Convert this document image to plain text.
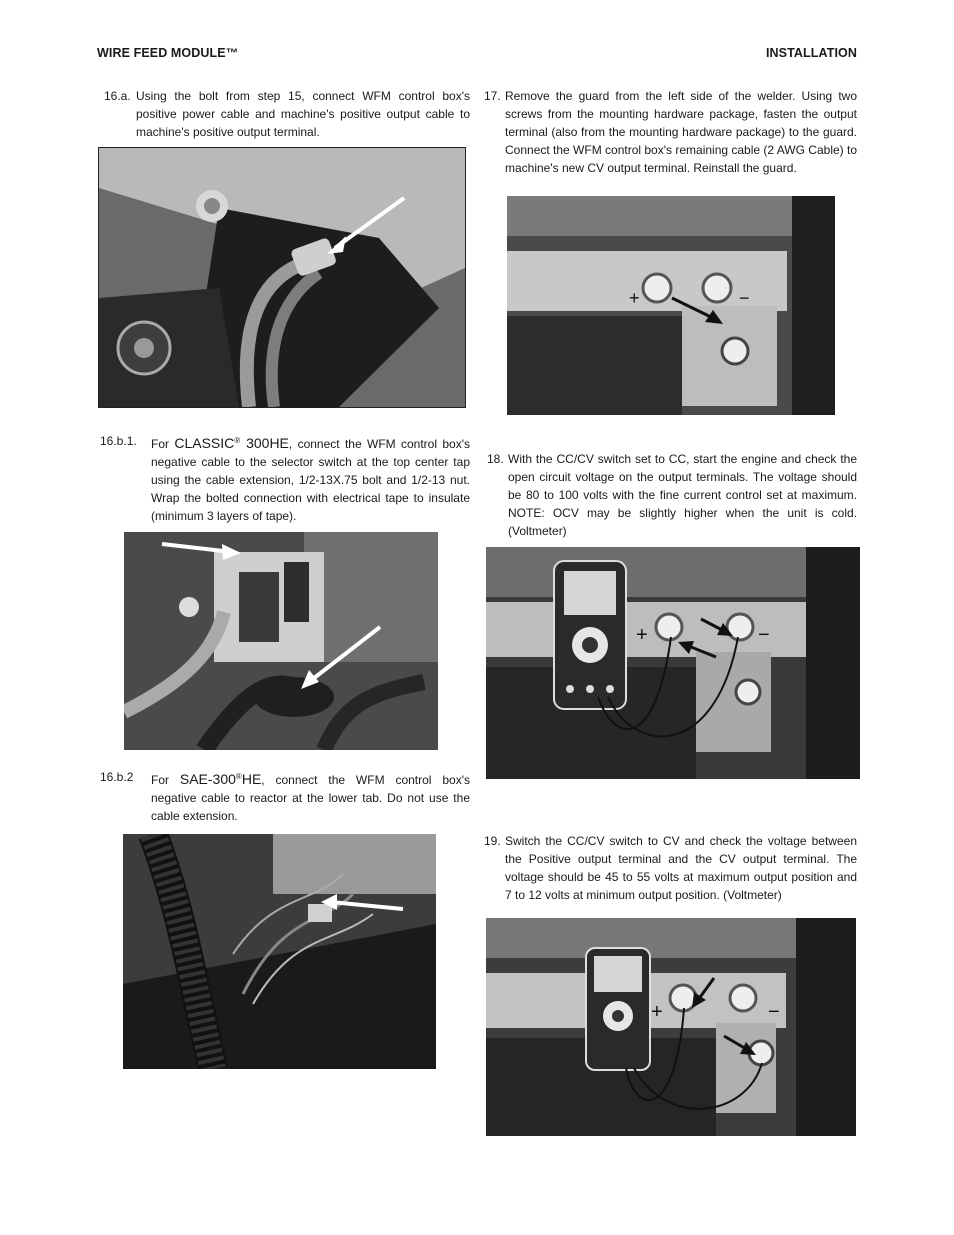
WIRE FEED MODULE™	INSTALLATION
16.a. Using the bolt from step 15, connect WFM control box's positive power cable and machine's positive output cable to machine's positive output terminal.
16.b.1. For CLASSIC® 300HE, connect the WFM control box's negative cable to the selector switch at the top center tap using the cable extension, 1/2-13X.75 bolt and 1/2-13 nut. Wrap the bolted connection with electrical tape to insulate (minimum 3 layers of tape).
16.b.2 For SAE-300®HE, connect the WFM control box's negative cable to reactor at the lower tab. Do not use the cable extension.
17. Remove the guard from the left side of the welder. Using two screws from the mounting hardware package, fasten the output terminal (also from the mounting hardware package) to the guard. Connect the WFM control box's remaining cable (2 AWG Cable) to machine's new CV output terminal. Reinstall the guard.
+	−
18. With the CC/CV switch set to CC, start the engine and check the open circuit voltage on the output terminals. The voltage should be 80 to 100 volts with the fine current control set at maximum. NOTE: OCV may be slightly higher when the unit is cold. (Voltmeter)
+	−
19. Switch the CC/CV switch to CV and check the voltage between the Positive output terminal and the CV output terminal. The voltage should be 45 to 55 volts at maximum output position and 7 to 12 volts at minimum output position. (Voltmeter)
+	−
